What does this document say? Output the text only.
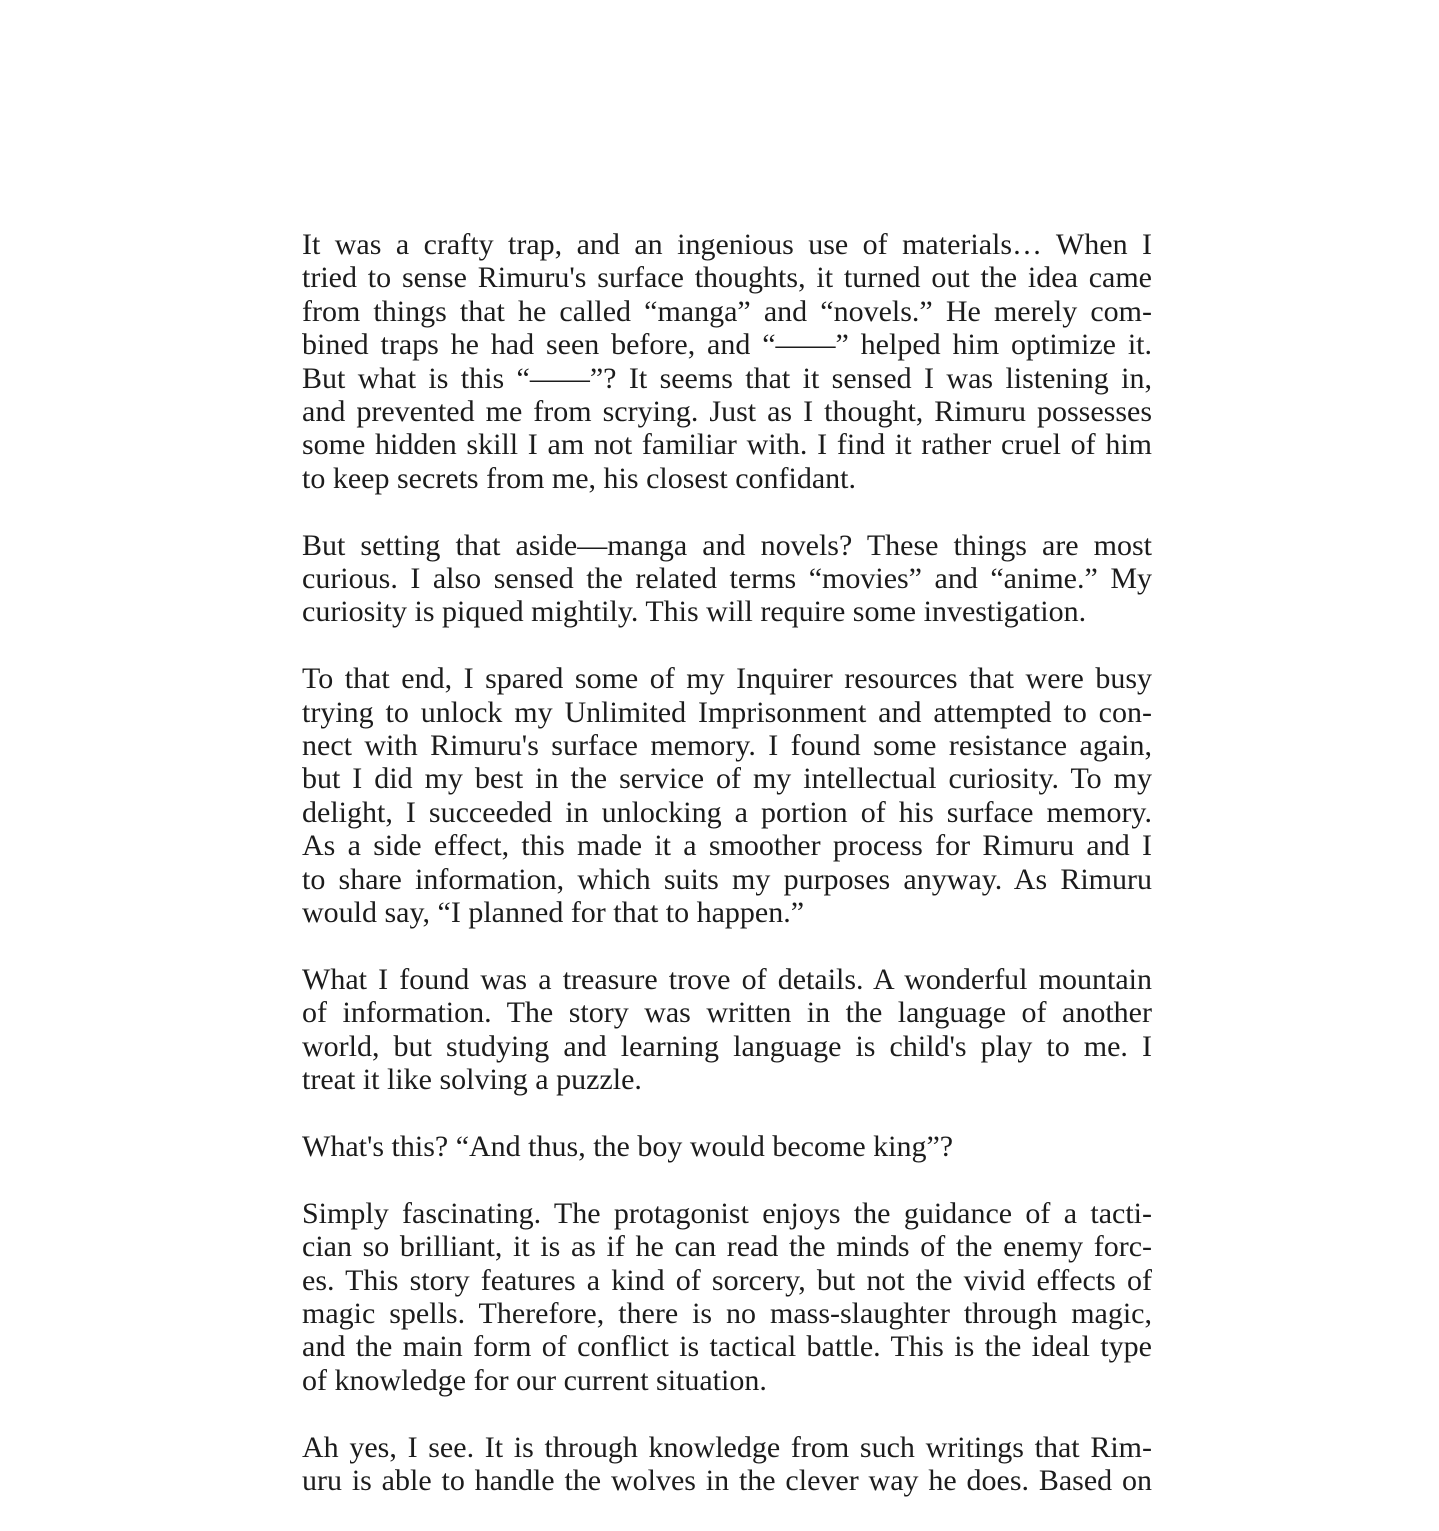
It was a crafty trap, and an ingenious use of materials… When I
tried to sense Rimuru's surface thoughts, it turned out the idea came
from things that he called “manga” and “novels.” He merely com-
bined traps he had seen before, and “——” helped him optimize it.
But what is this “——”? It seems that it sensed I was listening in,
and prevented me from scrying. Just as I thought, Rimuru possesses
some hidden skill I am not familiar with. I find it rather cruel of him
to keep secrets from me, his closest confidant.
But setting that aside—manga and novels? These things are most
curious. I also sensed the related terms “movies” and “anime.” My
curiosity is piqued mightily. This will require some investigation.
To that end, I spared some of my Inquirer resources that were busy
trying to unlock my Unlimited Imprisonment and attempted to con-
nect with Rimuru's surface memory. I found some resistance again,
but I did my best in the service of my intellectual curiosity. To my
delight, I succeeded in unlocking a portion of his surface memory.
As a side effect, this made it a smoother process for Rimuru and I
to share information, which suits my purposes anyway. As Rimuru
would say, “I planned for that to happen.”
What I found was a treasure trove of details. A wonderful mountain
of information. The story was written in the language of another
world, but studying and learning language is child's play to me. I
treat it like solving a puzzle.
What's this? “And thus, the boy would become king”?
Simply fascinating. The protagonist enjoys the guidance of a tacti-
cian so brilliant, it is as if he can read the minds of the enemy forc-
es. This story features a kind of sorcery, but not the vivid effects of
magic spells. Therefore, there is no mass-slaughter through magic,
and the main form of conflict is tactical battle. This is the ideal type
of knowledge for our current situation.
Ah yes, I see. It is through knowledge from such writings that Rim-
uru is able to handle the wolves in the clever way he does. Based on
